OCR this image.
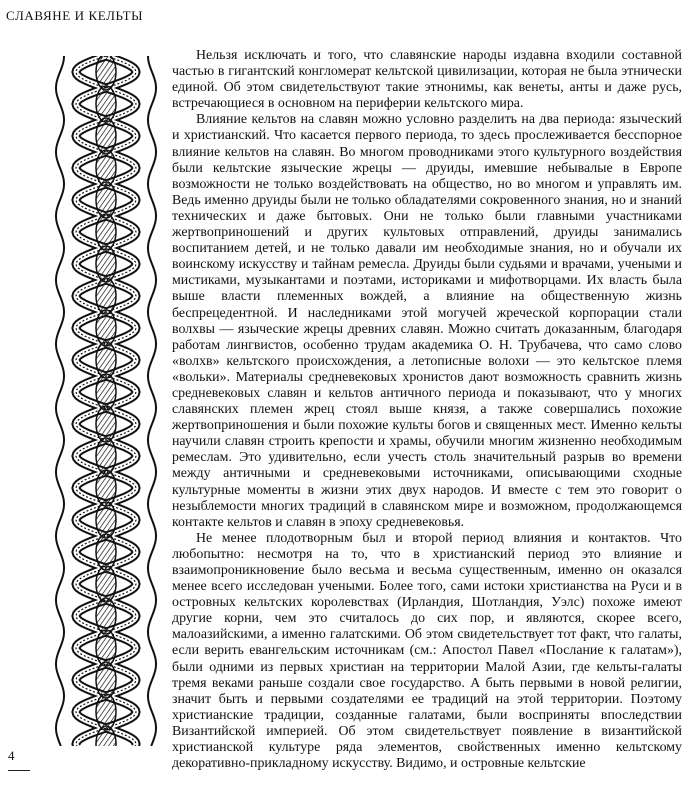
СЛАВЯНЕ И КЕЛЬТЫ

Нельзя исключать и того, что славянские народы издавна входили составной частью в гигантский конгломерат кельтской цивилизации, которая не была этнически единой. Об этом свидетельствуют такие этнонимы, как венеты, анты и даже русь, встречающиеся в основном на периферии кельтского мира.

Влияние кельтов на славян можно условно разделить на два периода: языческий и христианский. Что касается первого периода, то здесь прослеживается бесспорное влияние кельтов на славян. Во многом проводниками этого культурного воздействия были кельтские языческие жрецы — друиды, имевшие небывалые в Европе возможности не только воздействовать на общество, но во многом и управлять им. Ведь именно друиды были не только обладателями сокровенного знания, но и знаний технических и даже бытовых. Они не только были главными участниками жертвоприношений и других культовых отправлений, друиды занимались воспитанием детей, и не только давали им необходимые знания, но и обучали их воинскому искусству и тайнам ремесла. Друиды были судьями и врачами, учеными и мистиками, музыкантами и поэтами, историками и мифотворцами. Их власть была выше власти племенных вождей, а влияние на общественную жизнь беспрецедентной. И наследниками этой могучей жреческой корпорации стали волхвы — языческие жрецы древних славян. Можно считать доказанным, благодаря работам лингвистов, особенно трудам академика О. Н. Трубачева, что само слово «волхв» кельтского происхождения, а летописные волохи — это кельтское племя «вольки». Материалы средневековых хронистов дают возможность сравнить жизнь средневековых славян и кельтов античного периода и показывают, что у многих славянских племен жрец стоял выше князя, а также совершались похожие жертвоприношения и были похожие культы богов и священных мест. Именно кельты научили славян строить крепости и храмы, обучили многим жизненно необходимым ремеслам. Это удивительно, если учесть столь значительный разрыв во времени между античными и средневековыми источниками, описывающими сходные культурные моменты в жизни этих двух народов. И вместе с тем это говорит о незыблемости многих традиций в славянском мире и возможном, продолжающемся контакте кельтов и славян в эпоху средневековья.

Не менее плодотворным был и второй период влияния и контактов. Что любопытно: несмотря на то, что в христианский период это влияние и взаимопроникновение было весьма и весьма существенным, именно он оказался менее всего исследован учеными. Более того, сами истоки христианства на Руси и в островных кельтских королевствах (Ирландия, Шотландия, Уэлс) похоже имеют другие корни, чем это считалось до сих пор, и являются, скорее всего, малоазийскими, а именно галатскими. Об этом свидетельствует тот факт, что галаты, если верить евангельским источникам (см.: Апостол Павел «Послание к галатам»), были одними из первых христиан на территории Малой Азии, где кельты-галаты тремя веками раньше создали свое государство. А быть первыми в новой религии, значит быть и первыми создателями ее традиций на этой территории. Поэтому христианские традиции, созданные галатами, были восприняты впоследствии Византийской империей. Об этом свидетельствует появление в византийской христианской культуре ряда элементов, свойственных именно кельтскому декоративно-прикладному искусству. Видимо, и островные кельтские

4
